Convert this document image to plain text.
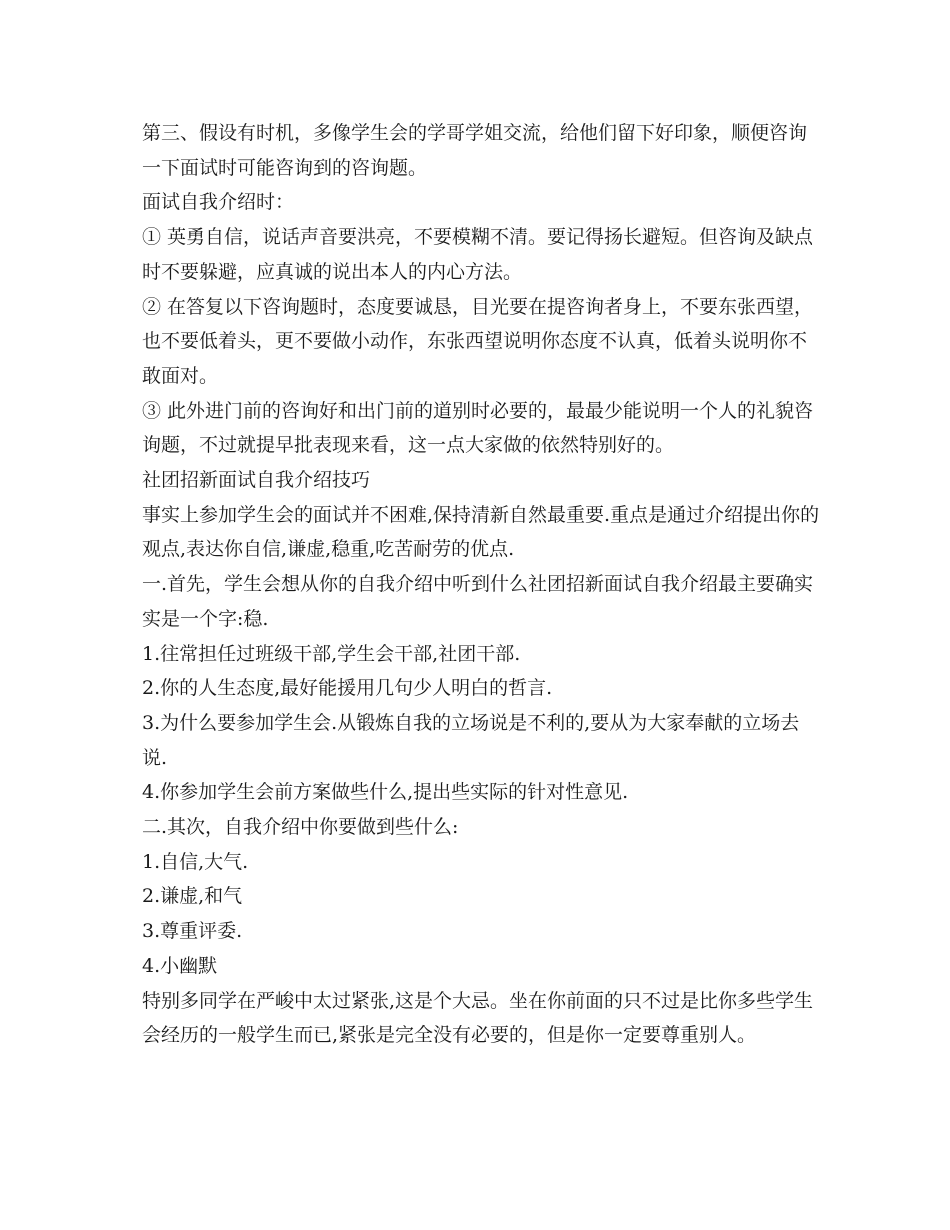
第三、假设有时机，多像学生会的学哥学姐交流，给他们留下好印象，顺便咨询一下面试时可能咨询到的咨询题。

面试自我介绍时：

① 英勇自信，说话声音要洪亮，不要模糊不清。要记得扬长避短。但咨询及缺点时不要躲避，应真诚的说出本人的内心方法。

② 在答复以下咨询题时，态度要诚恳，目光要在提咨询者身上，不要东张西望，也不要低着头，更不要做小动作，东张西望说明你态度不认真，低着头说明你不敢面对。

③ 此外进门前的咨询好和出门前的道别时必要的，最最少能说明一个人的礼貌咨询题，不过就提早批表现来看，这一点大家做的依然特别好的。

社团招新面试自我介绍技巧

事实上参加学生会的面试并不困难,保持清新自然最重要.重点是通过介绍提出你的观点,表达你自信,谦虚,稳重,吃苦耐劳的优点.

一.首先，学生会想从你的自我介绍中听到什么社团招新面试自我介绍最主要确实实是一个字:稳.

1.往常担任过班级干部,学生会干部,社团干部.

2.你的人生态度,最好能援用几句少人明白的哲言.

3.为什么要参加学生会.从锻炼自我的立场说是不利的,要从为大家奉献的立场去说.

4.你参加学生会前方案做些什么,提出些实际的针对性意见.

二.其次，自我介绍中你要做到些什么:

1.自信,大气.

2.谦虚,和气

3.尊重评委.

4.小幽默

特别多同学在严峻中太过紧张,这是个大忌。坐在你前面的只不过是比你多些学生会经历的一般学生而已,紧张是完全没有必要的，但是你一定要尊重别人。
